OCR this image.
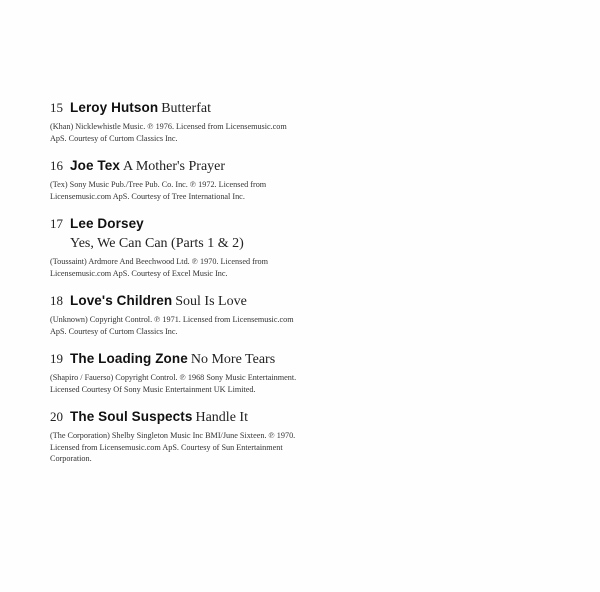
15 Leroy Hutson Butterfat
(Khan) Nicklewhistle Music. ℗ 1976. Licensed from Licensemusic.com ApS. Courtesy of Curtom Classics Inc.
16 Joe Tex A Mother's Prayer
(Tex) Sony Music Pub./Tree Pub. Co. Inc. ℗ 1972. Licensed from Licensemusic.com ApS. Courtesy of Tree International Inc.
17 Lee Dorsey
Yes, We Can Can (Parts 1 & 2)
(Toussaint) Ardmore And Beechwood Ltd. ℗ 1970. Licensed from Licensemusic.com ApS. Courtesy of Excel Music Inc.
18 Love's Children Soul Is Love
(Unknown) Copyright Control. ℗ 1971. Licensed from Licensemusic.com ApS. Courtesy of Curtom Classics Inc.
19 The Loading Zone No More Tears
(Shapiro / Fauerso) Copyright Control. ℗ 1968 Sony Music Entertainment. Licensed Courtesy Of Sony Music Entertainment UK Limited.
20 The Soul Suspects Handle It
(The Corporation) Shelby Singleton Music Inc BMI/June Sixteen. ℗ 1970. Licensed from Licensemusic.com ApS. Courtesy of Sun Entertainment Corporation.
